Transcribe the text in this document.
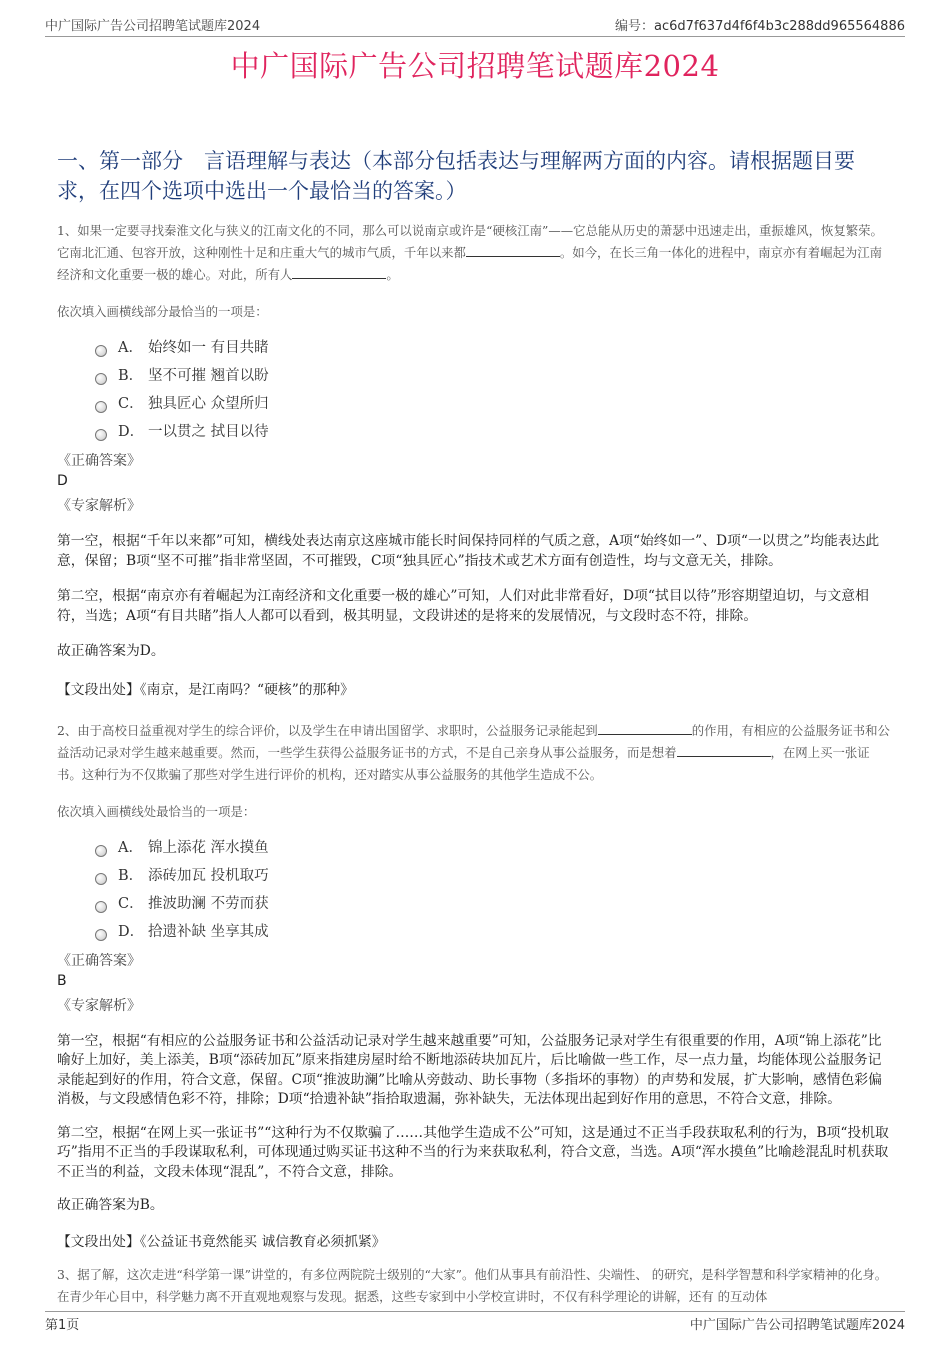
中广国际广告公司招聘笔试题库2024	编号：ac6d7f637d4f6f4b3c288dd965564886
中广国际广告公司招聘笔试题库2024
一、第一部分　言语理解与表达（本部分包括表达与理解两方面的内容。请根据题目要求，在四个选项中选出一个最恰当的答案。）

1、如果一定要寻找秦淮文化与狭义的江南文化的不同，那么可以说南京或许是“硬核江南”——它总能从历史的萧瑟中迅速走出，重振雄风，恢复繁荣。它南北汇通、包容开放，这种刚性十足和庄重大气的城市气质，千年以来都	。如今，在长三角一体化的进程中，南京亦有着崛起为江南经济和文化重要一极的雄心。对此，所有人	。

依次填入画横线部分最恰当的一项是：
A． 始终如一 有目共睹
B． 坚不可摧 翘首以盼
C． 独具匠心 众望所归
D． 一以贯之 拭目以待
《正确答案》
D
《专家解析》

第一空，根据“千年以来都”可知，横线处表达南京这座城市能长时间保持同样的气质之意，A项“始终如一”、D项“一以贯之”均能表达此意，保留；B项“坚不可摧”指非常坚固，不可摧毁，C项“独具匠心”指技术或艺术方面有创造性，均与文意无关，排除。

第二空，根据“南京亦有着崛起为江南经济和文化重要一极的雄心”可知，人们对此非常看好，D项“拭目以待”形容期望迫切，与文意相符，当选；A项“有目共睹”指人人都可以看到，极其明显，文段讲述的是将来的发展情况，与文段时态不符，排除。

故正确答案为D。

【文段出处】《南京，是江南吗？“硬核”的那种》

2、由于高校日益重视对学生的综合评价，以及学生在申请出国留学、求职时，公益服务记录能起到	的作用，有相应的公益服务证书和公益活动记录对学生越来越重要。然而，一些学生获得公益服务证书的方式，不是自己亲身从事公益服务，而是想着	，在网上买一张证书。这种行为不仅欺骗了那些对学生进行评价的机构，还对踏实从事公益服务的其他学生造成不公。

依次填入画横线处最恰当的一项是：
A． 锦上添花 浑水摸鱼
B． 添砖加瓦 投机取巧
C． 推波助澜 不劳而获
D． 拾遗补缺 坐享其成
《正确答案》
B
《专家解析》

第一空，根据“有相应的公益服务证书和公益活动记录对学生越来越重要”可知，公益服务记录对学生有很重要的作用，A项“锦上添花”比喻好上加好，美上添美，B项“添砖加瓦”原来指建房屋时给不断地添砖块加瓦片，后比喻做一些工作，尽一点力量，均能体现公益服务记录能起到好的作用，符合文意，保留。C项“推波助澜”比喻从旁鼓动、助长事物（多指坏的事物）的声势和发展，扩大影响，感情色彩偏消极，与文段感情色彩不符，排除；D项“拾遗补缺”指拾取遗漏，弥补缺失，无法体现出起到好作用的意思，不符合文意，排除。

第二空，根据“在网上买一张证书”“这种行为不仅欺骗了……其他学生造成不公”可知，这是通过不正当手段获取私利的行为，B项“投机取巧”指用不正当的手段谋取私利，可体现通过购买证书这种不当的行为来获取私利，符合文意，当选。A项“浑水摸鱼”比喻趁混乱时机获取不正当的利益，文段未体现“混乱”，不符合文意，排除。

故正确答案为B。

【文段出处】《公益证书竟然能买 诚信教育必须抓紧》

3、据了解，这次走进“科学第一课”讲堂的，有多位两院院士级别的“大家”。他们从事具有前沿性、尖端性、 的研究，是科学智慧和科学家精神的化身。在青少年心目中，科学魅力离不开直观地观察与发现。据悉，这些专家到中小学校宣讲时，不仅有科学理论的讲解，还有 的互动体

第1页	中广国际广告公司招聘笔试题库2024
